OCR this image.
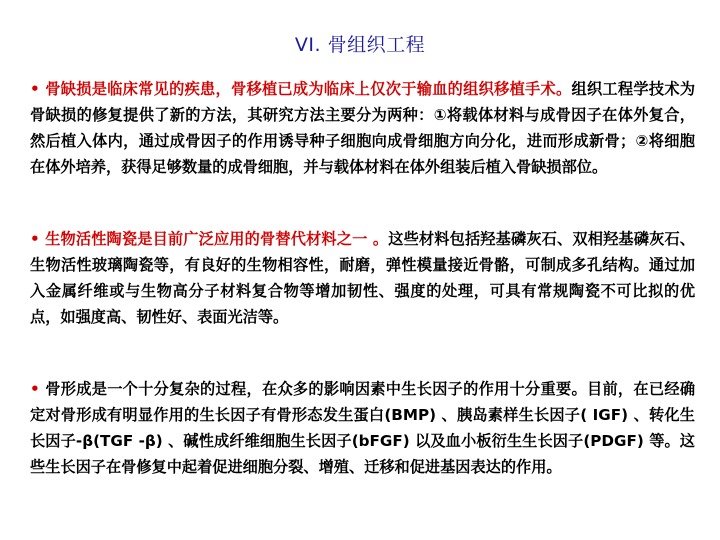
VI. 骨组织工程
• 骨缺损是临床常见的疾患，骨移植已成为临床上仅次于输血的组织移植手术。组织工程学技术为骨缺损的修复提供了新的方法，其研究方法主要分为两种：①将载体材料与成骨因子在体外复合，然后植入体内，通过成骨因子的作用诱导种子细胞向成骨细胞方向分化，进而形成新骨；②将细胞在体外培养，获得足够数量的成骨细胞，并与载体材料在体外组装后植入骨缺损部位。
• 生物活性陶瓷是目前广泛应用的骨替代材料之一 。这些材料包括羟基磷灰石、双相羟基磷灰石、生物活性玻璃陶瓷等，有良好的生物相容性，耐磨，弹性模量接近骨骼，可制成多孔结构。通过加入金属纤维或与生物高分子材料复合物等增加韧性、强度的处理，可具有常规陶瓷不可比拟的优点，如强度高、韧性好、表面光洁等。
• 骨形成是一个十分复杂的过程，在众多的影响因素中生长因子的作用十分重要。目前，在已经确定对骨形成有明显作用的生长因子有骨形态发生蛋白(BMP) 、胰岛素样生长因子( IGF) 、转化生长因子-β(TGF -β) 、碱性成纤维细胞生长因子(bFGF) 以及血小板衍生生长因子(PDGF) 等。这些生长因子在骨修复中起着促进细胞分裂、增殖、迁移和促进基因表达的作用。
